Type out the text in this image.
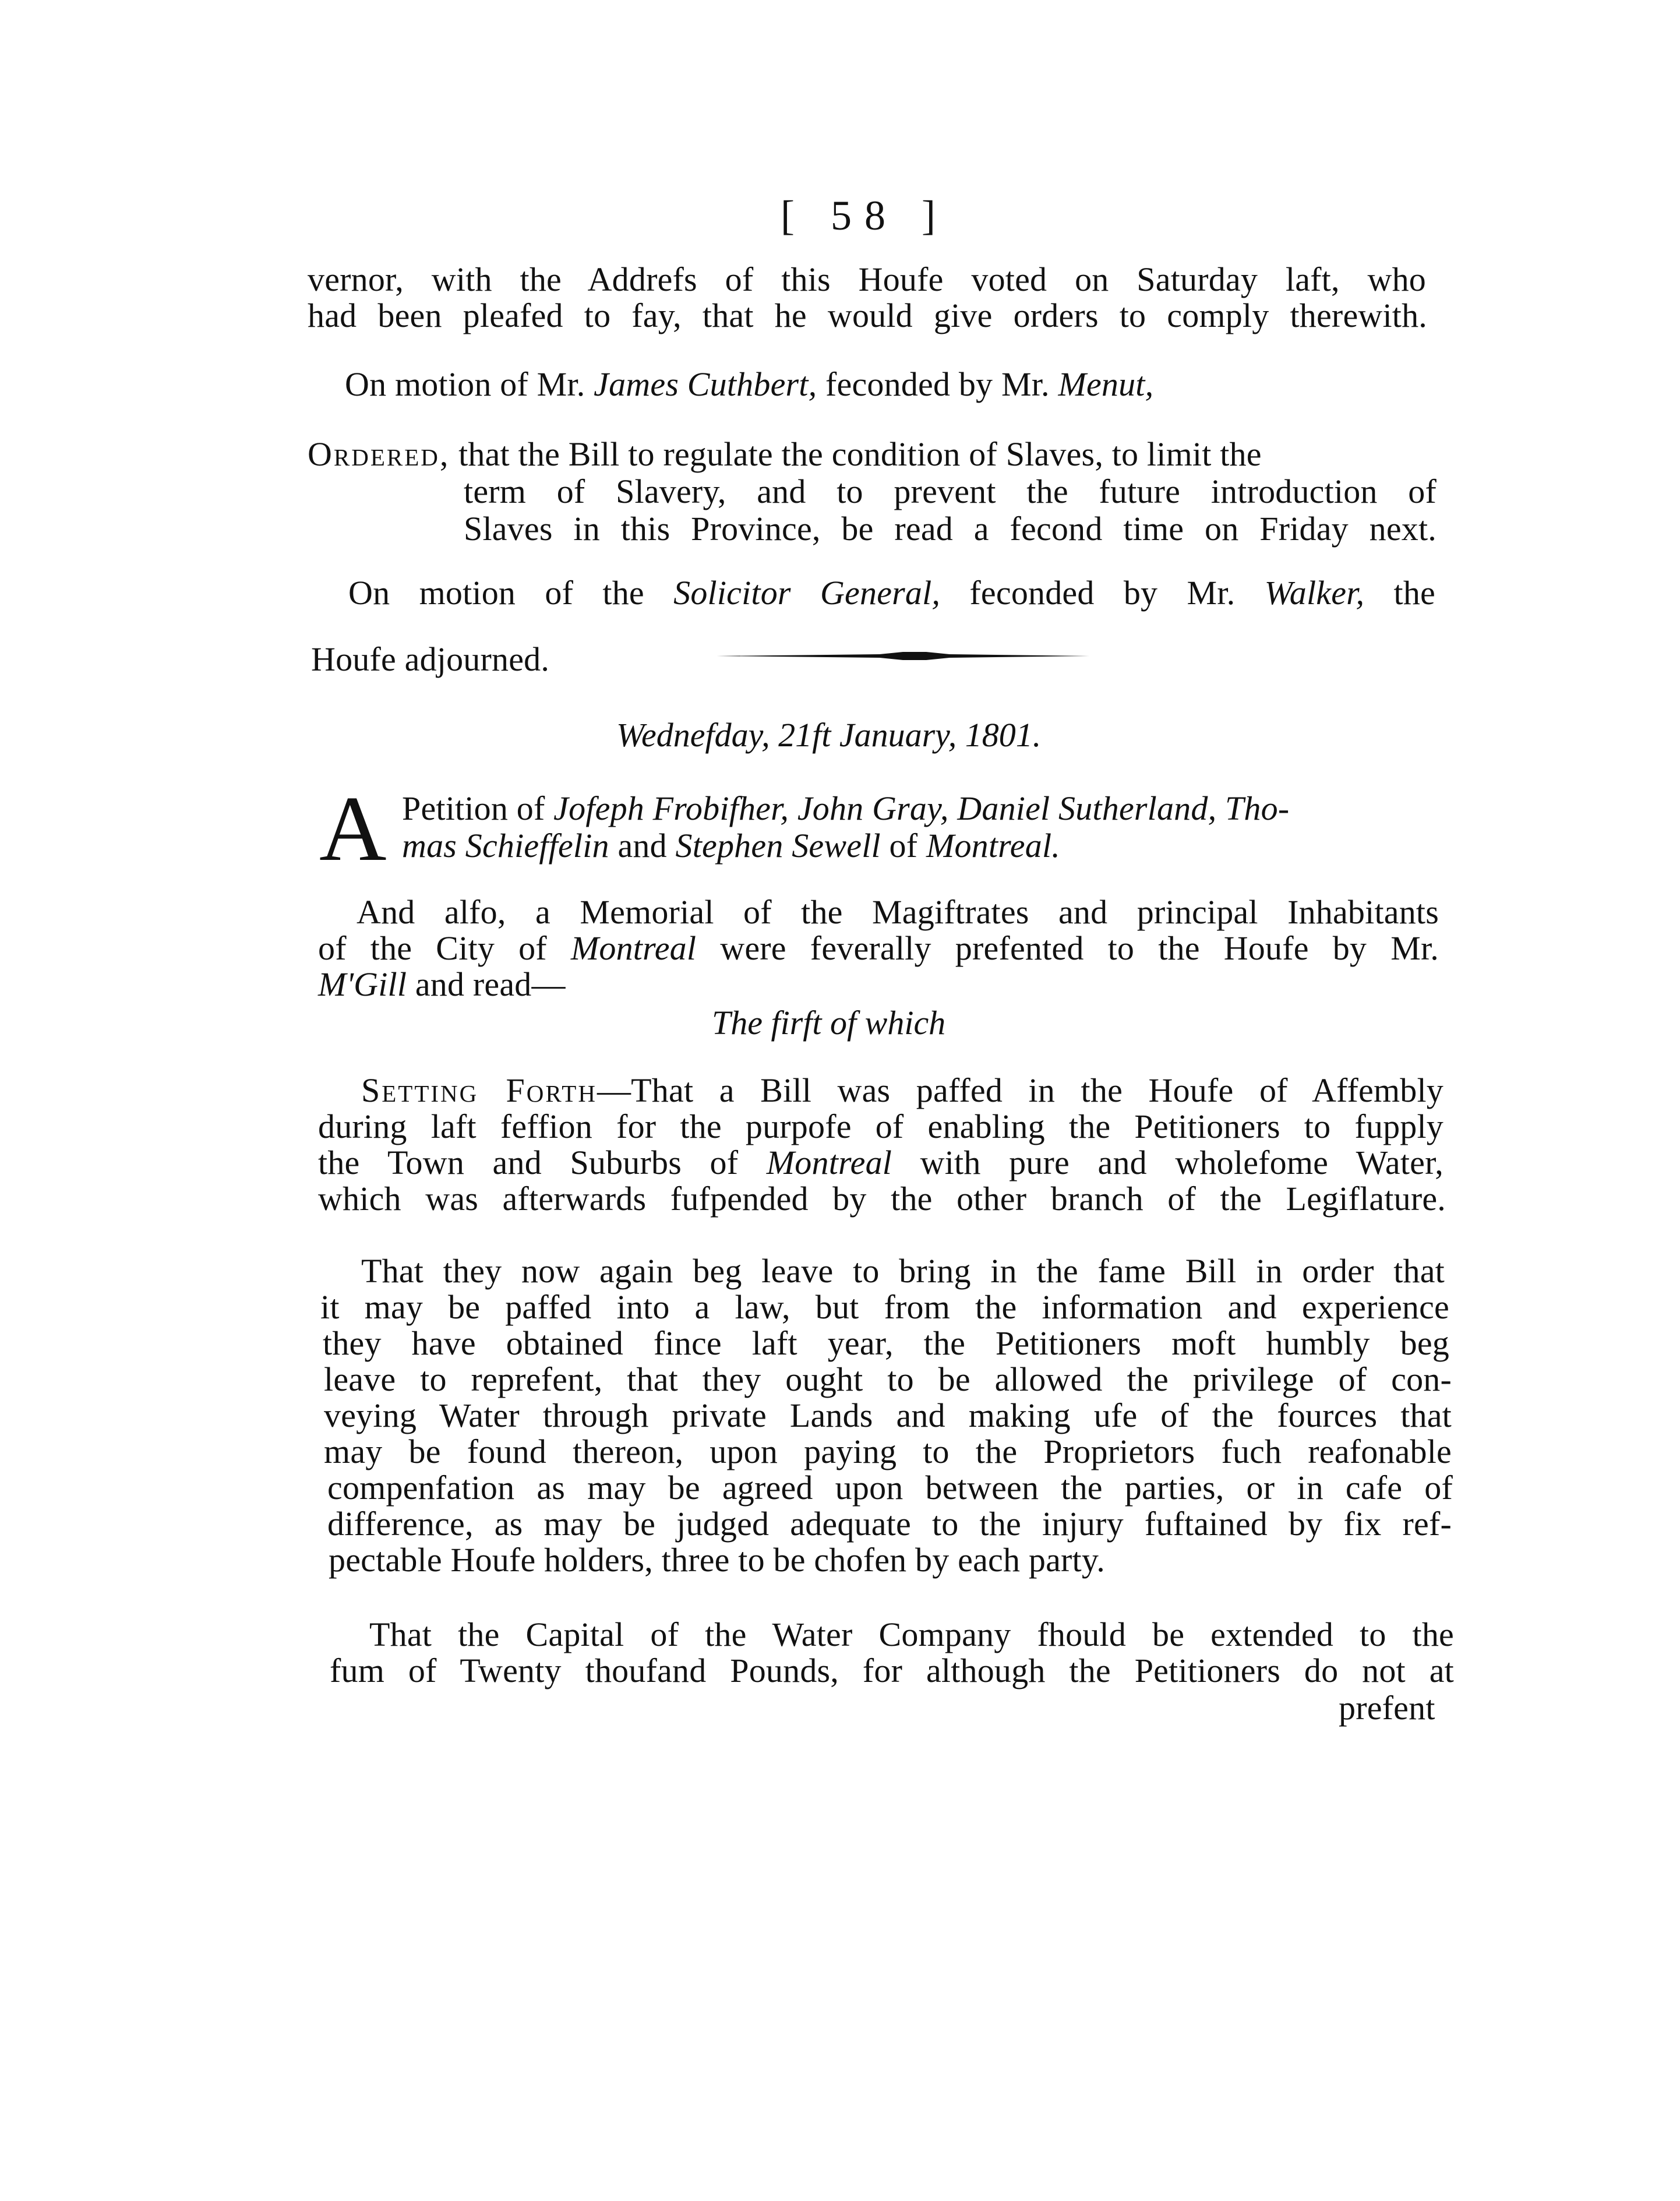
[ 58 ]
vernor, with the Addrefs of this Houfe voted on Saturday laft, who
had been pleafed to fay, that he would give orders to comply therewith.
On motion of Mr. James Cuthbert, feconded by Mr. Menut,
Ordered, that the Bill to regulate the condition of Slaves, to limit the
term of Slavery, and to prevent the future introduction of
Slaves in this Province, be read a fecond time on Friday next.
On motion of the Solicitor General, feconded by Mr. Walker, the
Houfe adjourned.
Wednefday, 21ft January, 1801.
A Petition of Jofeph Frobifher, John Gray, Daniel Sutherland, Tho-
mas Schieffelin and Stephen Sewell of Montreal.
And alfo, a Memorial of the Magiftrates and principal Inhabitants
of the City of Montreal were feverally prefented to the Houfe by Mr.
M'Gill and read—
The firft of which
Setting Forth—That a Bill was paffed in the Houfe of Affembly
during laft feffion for the purpofe of enabling the Petitioners to fupply
the Town and Suburbs of Montreal with pure and wholefome Water,
which was afterwards fufpended by the other branch of the Legiflature.
That they now again beg leave to bring in the fame Bill in order that
it may be paffed into a law, but from the information and experience
they have obtained fince laft year, the Petitioners moft humbly beg
leave to reprefent, that they ought to be allowed the privilege of con-
veying Water through private Lands and making ufe of the fources that
may be found thereon, upon paying to the Proprietors fuch reafonable
compenfation as may be agreed upon between the parties, or in cafe of
difference, as may be judged adequate to the injury fuftained by fix ref-
pectable Houfe holders, three to be chofen by each party.
That the Capital of the Water Company fhould be extended to the
fum of Twenty thoufand Pounds, for although the Petitioners do not at
prefent
